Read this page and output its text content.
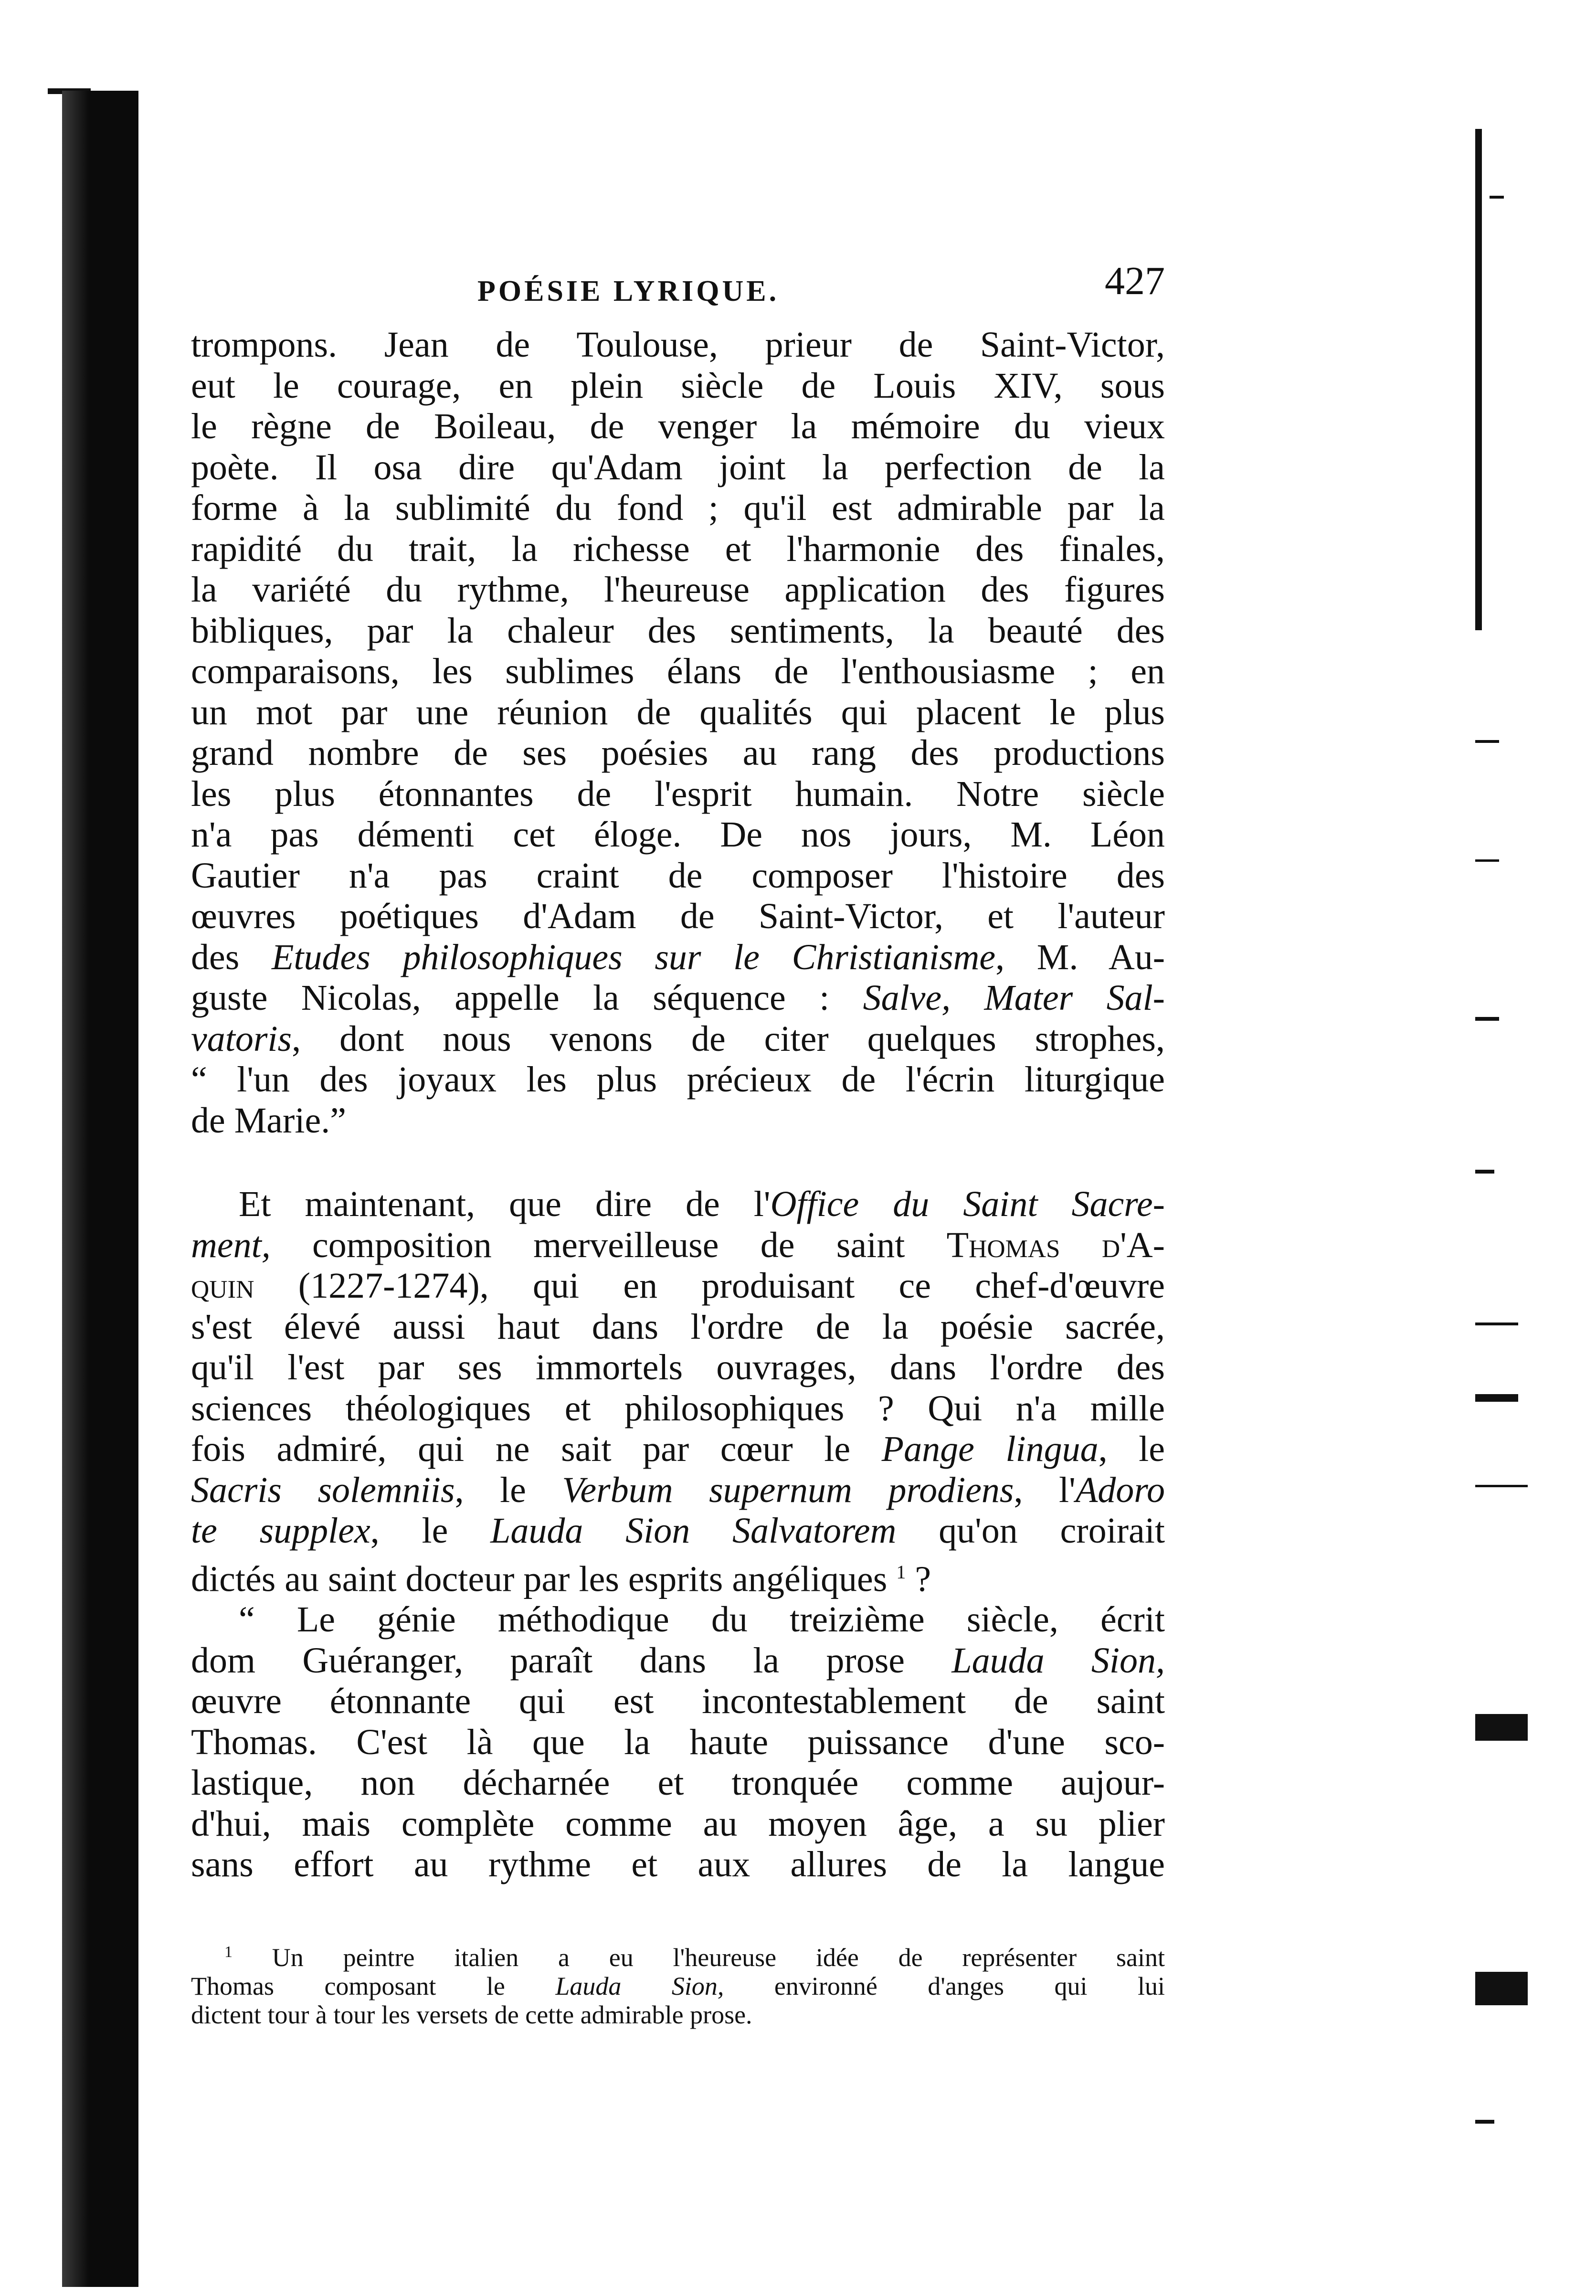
POÉSIE LYRIQUE.	427

trompons. Jean de Toulouse, prieur de Saint-Victor,
eut le courage, en plein siècle de Louis XIV, sous
le règne de Boileau, de venger la mémoire du vieux
poète. Il osa dire qu'Adam joint la perfection de la
forme à la sublimité du fond ; qu'il est admirable par la
rapidité du trait, la richesse et l'harmonie des finales,
la variété du rythme, l'heureuse application des figures
bibliques, par la chaleur des sentiments, la beauté des
comparaisons, les sublimes élans de l'enthousiasme ; en
un mot par une réunion de qualités qui placent le plus
grand nombre de ses poésies au rang des productions
les plus étonnantes de l'esprit humain. Notre siècle
n'a pas démenti cet éloge. De nos jours, M. Léon
Gautier n'a pas craint de composer l'histoire des
œuvres poétiques d'Adam de Saint-Victor, et l'auteur
des Etudes philosophiques sur le Christianisme, M. Au-
guste Nicolas, appelle la séquence : Salve, Mater Sal-
vatoris, dont nous venons de citer quelques strophes,
“ l'un des joyaux les plus précieux de l'écrin liturgique
de Marie.”

Et maintenant, que dire de l'Office du Saint Sacre-
ment, composition merveilleuse de saint Thomas d'A-
quin (1227-1274), qui en produisant ce chef-d'œuvre
s'est élevé aussi haut dans l'ordre de la poésie sacrée,
qu'il l'est par ses immortels ouvrages, dans l'ordre des
sciences théologiques et philosophiques ? Qui n'a mille
fois admiré, qui ne sait par cœur le Pange lingua, le
Sacris solemniis, le Verbum supernum prodiens, l'Adoro
te supplex, le Lauda Sion Salvatorem qu'on croirait
dictés au saint docteur par les esprits angéliques $^1$ ?

“ Le génie méthodique du treizième siècle, écrit
dom Guéranger, paraît dans la prose Lauda Sion,
œuvre étonnante qui est incontestablement de saint
Thomas. C'est là que la haute puissance d'une sco-
lastique, non décharnée et tronquée comme aujour-
d'hui, mais complète comme au moyen âge, a su plier
sans effort au rythme et aux allures de la langue

$^1$ Un peintre italien a eu l'heureuse idée de représenter saint
Thomas composant le Lauda Sion, environné d'anges qui lui
dictent tour à tour les versets de cette admirable prose.
